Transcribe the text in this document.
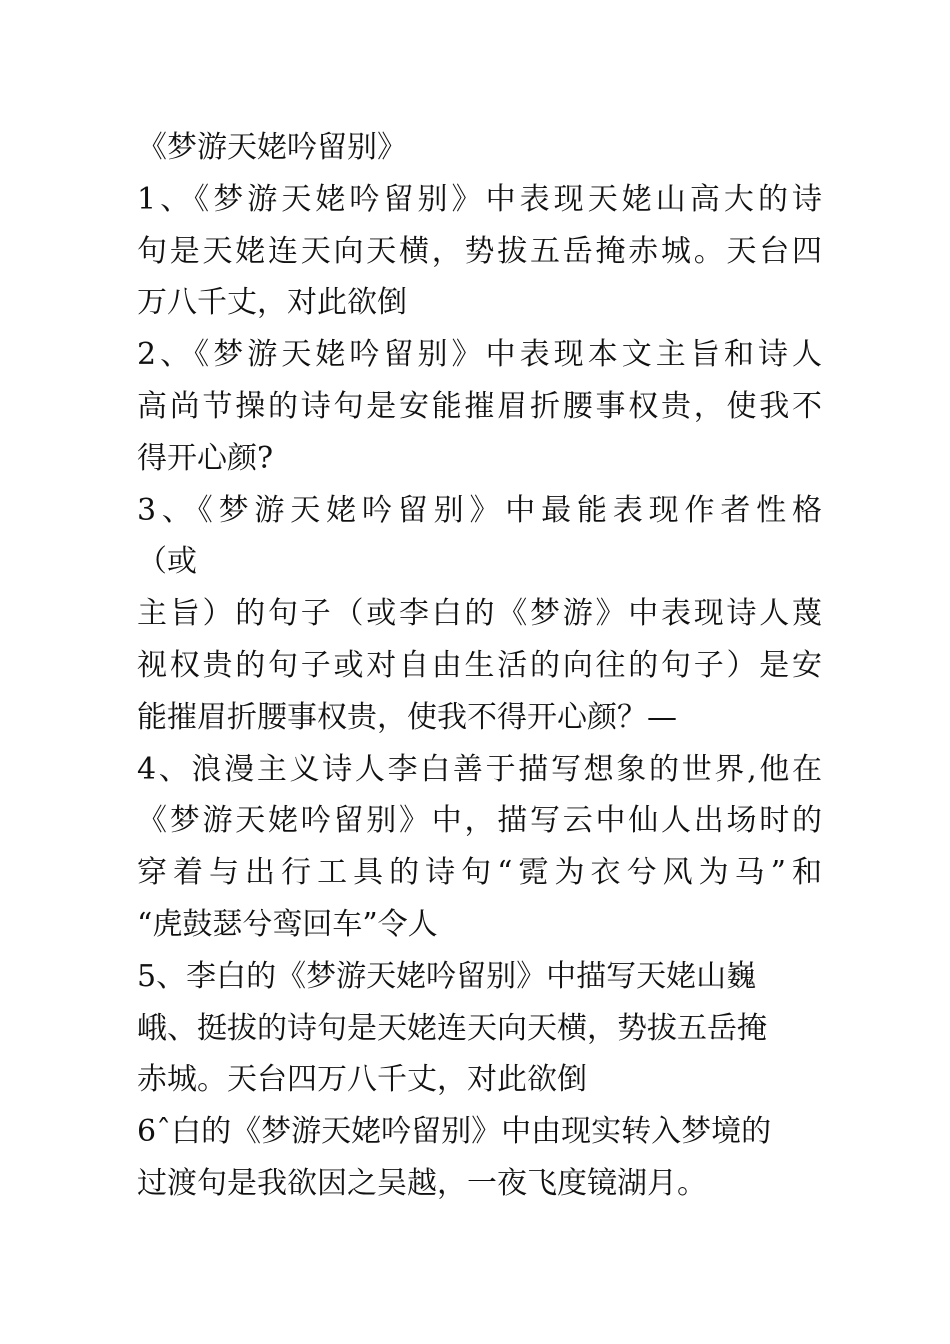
《梦游天姥吟留别》
1、《梦游天姥吟留别》中表现天姥山高大的诗
句是天姥连天向天横，势拔五岳掩赤城。天台四
万八千丈，对此欲倒
2、《梦游天姥吟留别》中表现本文主旨和诗人
高尚节操的诗句是安能摧眉折腰事权贵，使我不
得开心颜?
3、《梦游天姥吟留别》中最能表现作者性格
（或
主旨）的句子（或李白的《梦游》中表现诗人蔑
视权贵的句子或对自由生活的向往的句子）是安
能摧眉折腰事权贵，使我不得开心颜？—
4、浪漫主义诗人李白善于描写想象的世界,他在
《梦游天姥吟留别》中，描写云中仙人出场时的
穿着与出行工具的诗句“霓为衣兮风为马”和
“虎鼓瑟兮鸾回车”令人
5、李白的《梦游天姥吟留别》中描写天姥山巍
峨、挺拔的诗句是天姥连天向天横，势拔五岳掩
赤城。天台四万八千丈，对此欲倒
6ˆ白的《梦游天姥吟留别》中由现实转入梦境的
过渡句是我欲因之吴越，一夜飞度镜湖月。
